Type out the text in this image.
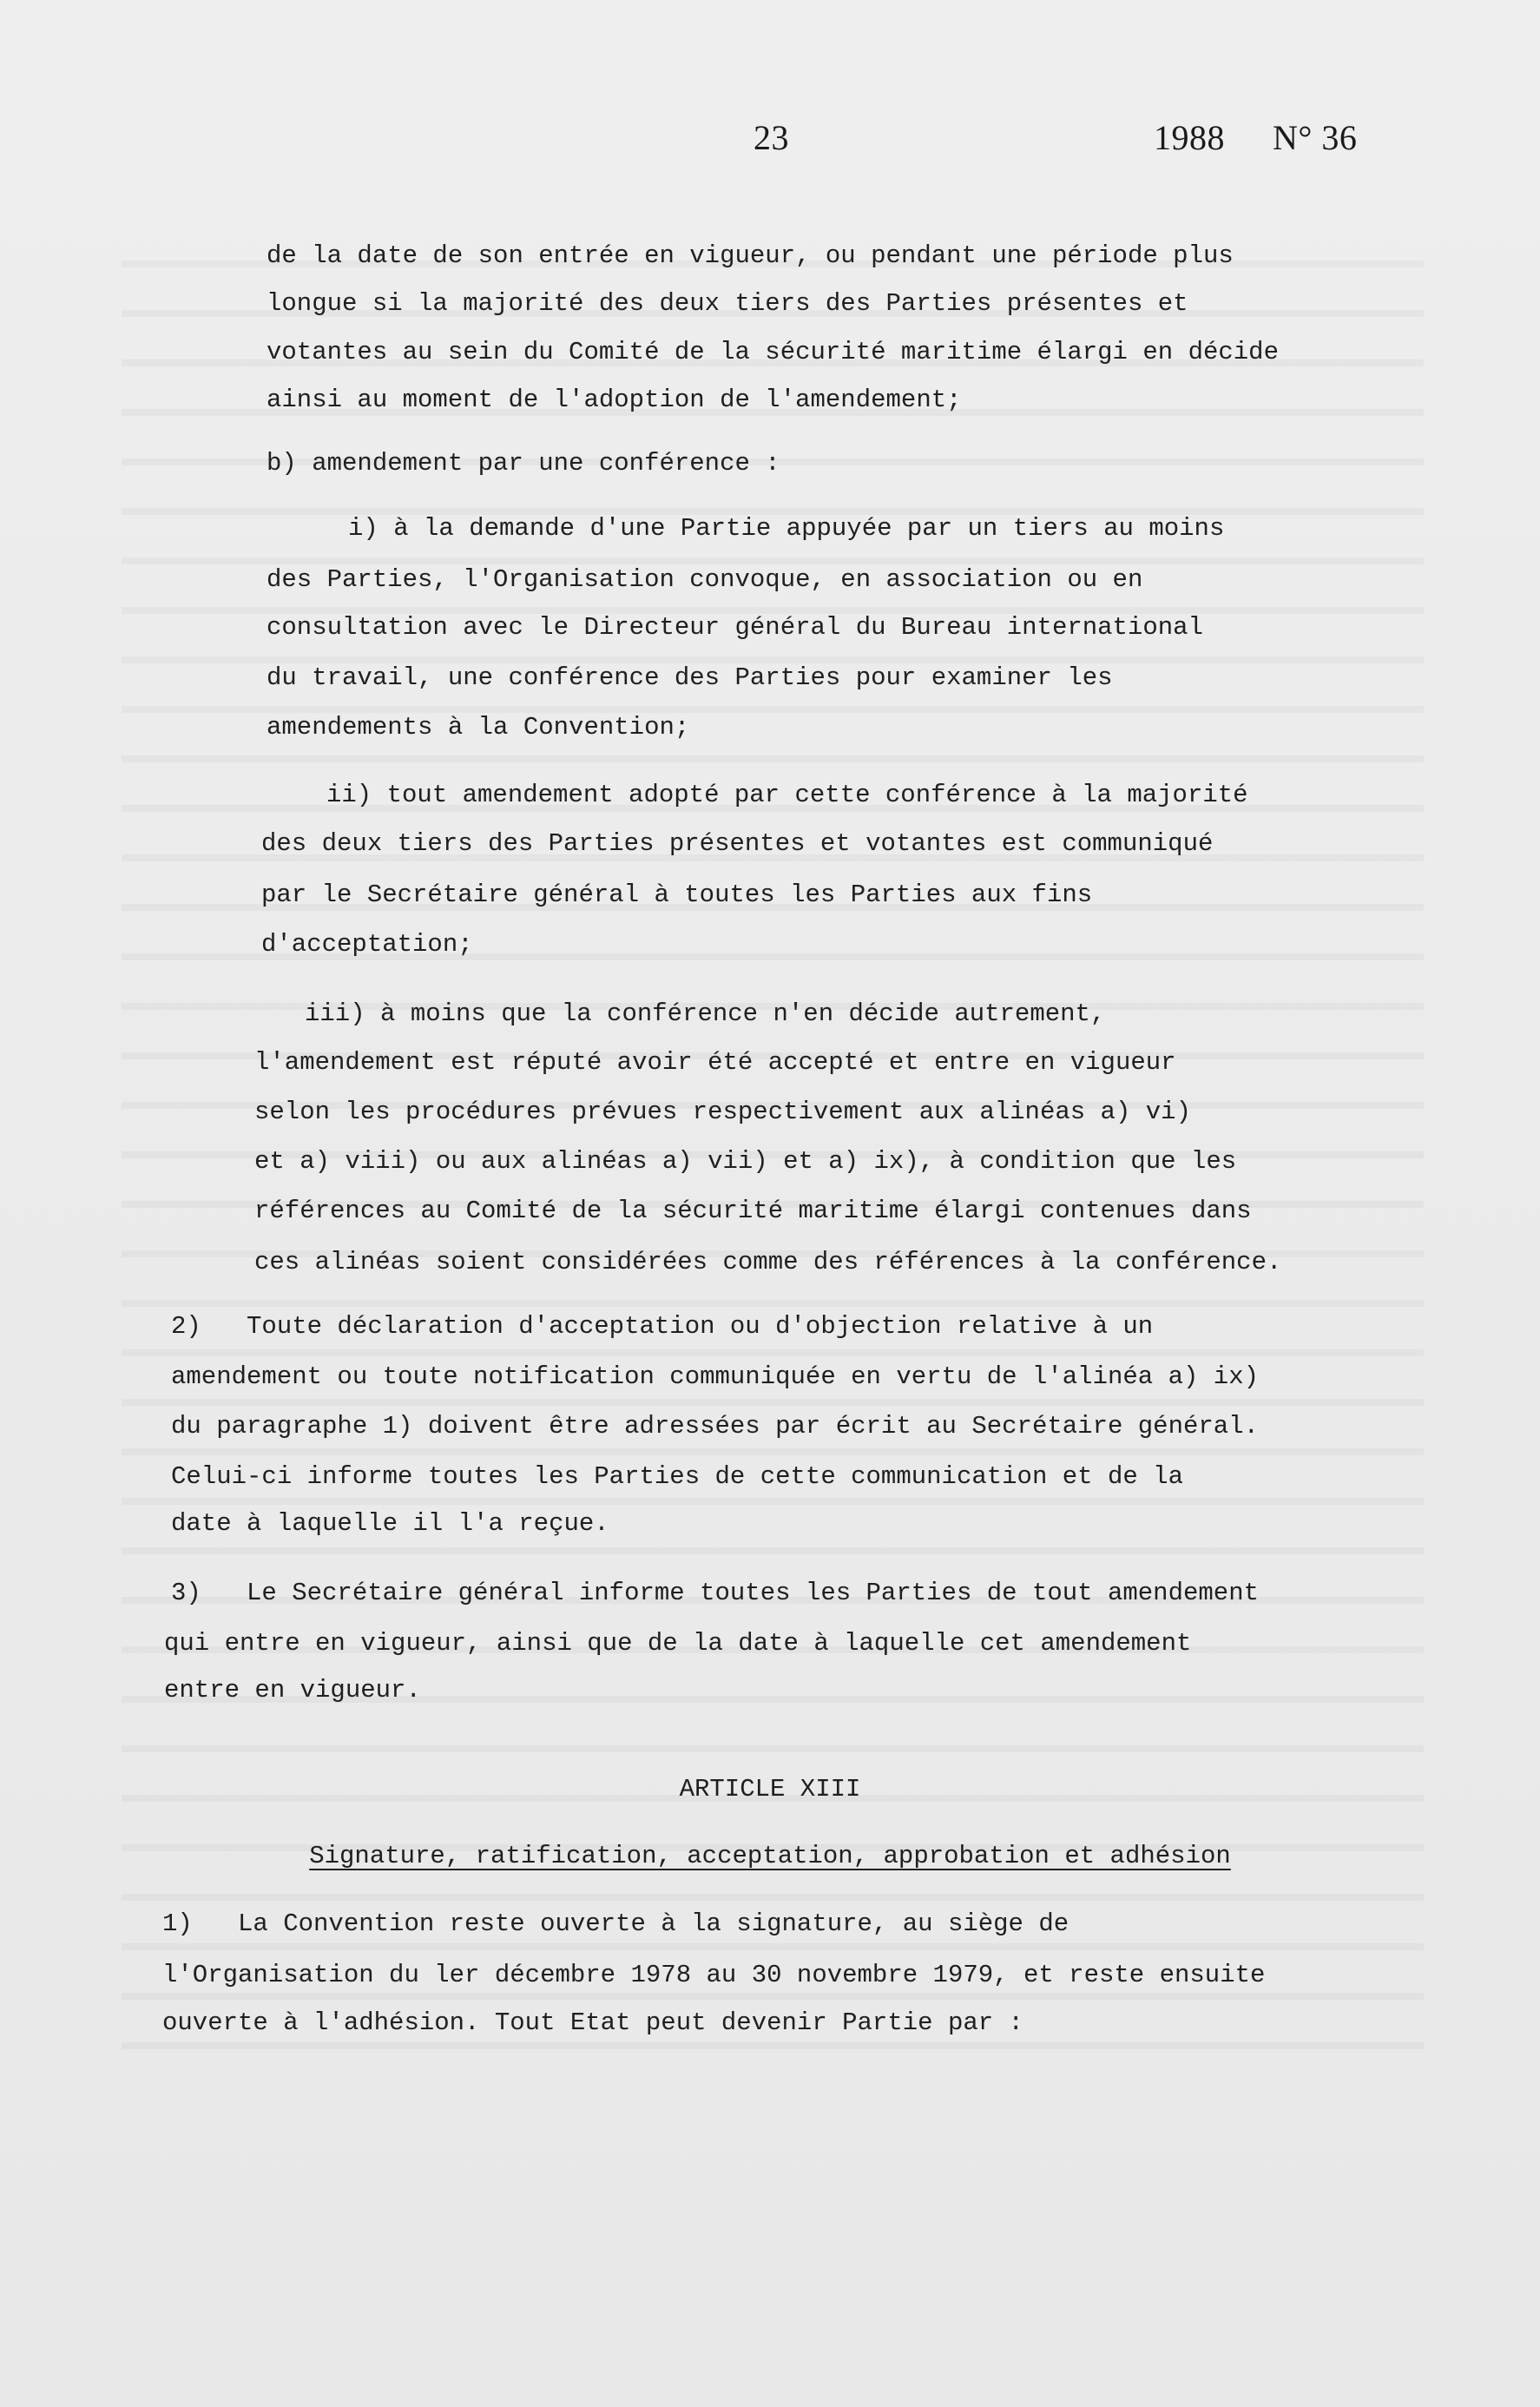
23	1988 N° 36
de la date de son entrée en vigueur, ou pendant une période plus
longue si la majorité des deux tiers des Parties présentes et
votantes au sein du Comité de la sécurité maritime élargi en décide
ainsi au moment de l'adoption de l'amendement;
b) amendement par une conférence :
i) à la demande d'une Partie appuyée par un tiers au moins
des Parties, l'Organisation convoque, en association ou en
consultation avec le Directeur général du Bureau international
du travail, une conférence des Parties pour examiner les
amendements à la Convention;
ii) tout amendement adopté par cette conférence à la majorité
des deux tiers des Parties présentes et votantes est communiqué
par le Secrétaire général à toutes les Parties aux fins
d'acceptation;
iii) à moins que la conférence n'en décide autrement,
l'amendement est réputé avoir été accepté et entre en vigueur
selon les procédures prévues respectivement aux alinéas a) vi)
et a) viii) ou aux alinéas a) vii) et a) ix), à condition que les
références au Comité de la sécurité maritime élargi contenues dans
ces alinéas soient considérées comme des références à la conférence.
2)   Toute déclaration d'acceptation ou d'objection relative à un
amendement ou toute notification communiquée en vertu de l'alinéa a) ix)
du paragraphe 1) doivent être adressées par écrit au Secrétaire général.
Celui-ci informe toutes les Parties de cette communication et de la
date à laquelle il l'a reçue.
3)   Le Secrétaire général informe toutes les Parties de tout amendement
qui entre en vigueur, ainsi que de la date à laquelle cet amendement
entre en vigueur.
ARTICLE XIII
Signature, ratification, acceptation, approbation et adhésion
1)   La Convention reste ouverte à la signature, au siège de
l'Organisation du ler décembre 1978 au 30 novembre 1979, et reste ensuite
ouverte à l'adhésion. Tout Etat peut devenir Partie par :
